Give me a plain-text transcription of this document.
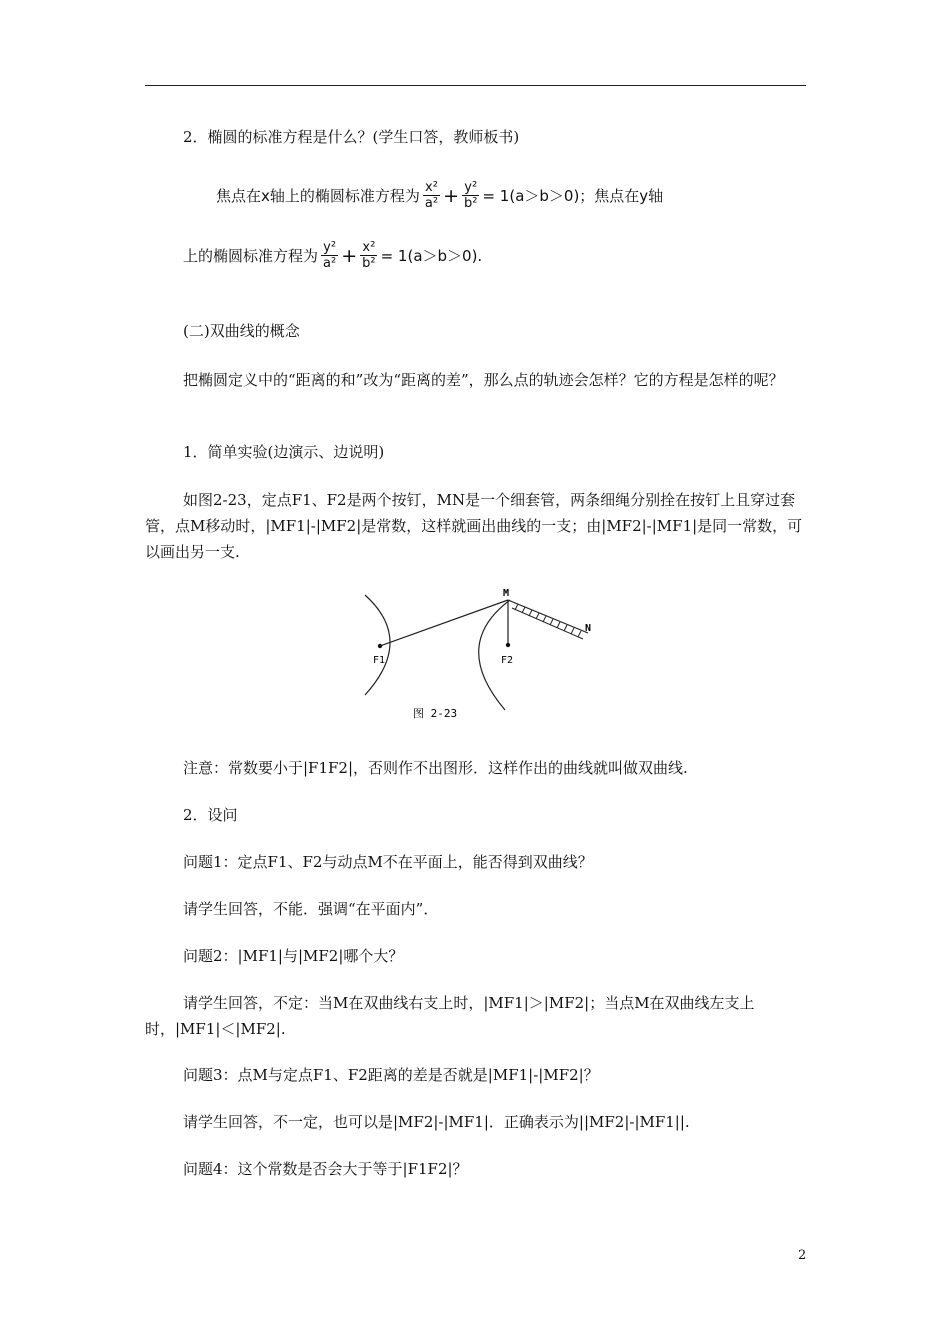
2．椭圆的标准方程是什么？(学生口答，教师板书)
焦点在x轴上的椭圆标准方程为 $\frac{\text{x²}}{\text{a²}} + \frac{\text{y²}}{\text{b²}} = 1(a>b>0)$；焦点在y轴
上的椭圆标准方程为 $\frac{\text{y²}}{\text{a²}} + \frac{\text{x²}}{\text{b²}} = 1(a>b>0)$.
(二)双曲线的概念
把椭圆定义中的“距离的和”改为“距离的差”，那么点的轨迹会怎样？它的方程是怎样的呢？
1．简单实验(边演示、边说明)
如图2-23，定点F1、F2是两个按钉，MN是一个细套管，两条细绳分别拴在按钉上且穿过套管，点M移动时，|MF1|-|MF2|是常数，这样就画出曲线的一支；由|MF2|-|MF1|是同一常数，可以画出另一支.
M
N
F1	F2
图 2-23
注意：常数要小于|F1F2|，否则作不出图形．这样作出的曲线就叫做双曲线.
2．设问
问题1：定点F1、F2与动点M不在平面上，能否得到双曲线？
请学生回答，不能．强调“在平面内”．
问题2：|MF1|与|MF2|哪个大？
请学生回答，不定：当M在双曲线右支上时，|MF1|＞|MF2|；当点M在双曲线左支上时，|MF1|＜|MF2|.
问题3：点M与定点F1、F2距离的差是否就是|MF1|-|MF2|？
请学生回答，不一定，也可以是|MF2|-|MF1|．正确表示为||MF2|-|MF1||.
问题4：这个常数是否会大于等于|F1F2|？
2
